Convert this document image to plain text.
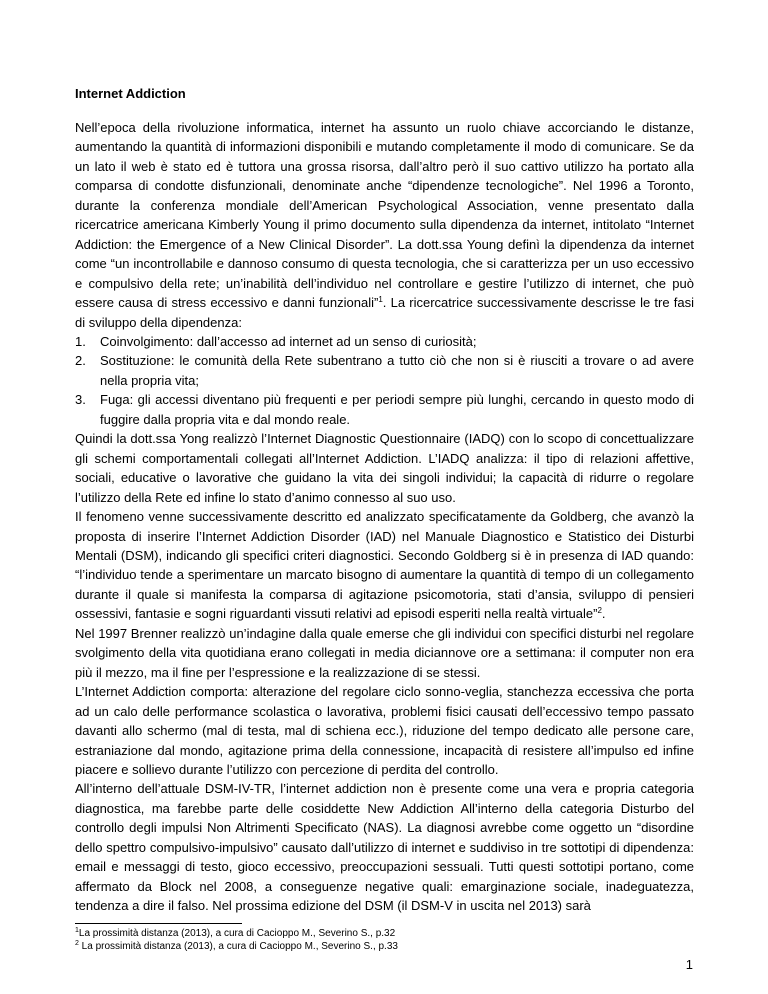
Internet Addiction

Nell’epoca della rivoluzione informatica, internet ha assunto un ruolo chiave accorciando le distanze, aumentando la quantità di informazioni disponibili e mutando completamente il modo di comunicare. Se da un lato il web è stato ed è tuttora una grossa risorsa, dall’altro però il suo cattivo utilizzo ha portato alla comparsa di condotte disfunzionali, denominate anche “dipendenze tecnologiche”. Nel 1996 a Toronto, durante la conferenza mondiale dell’American Psychological Association, venne presentato dalla ricercatrice americana Kimberly Young il primo documento sulla dipendenza da internet, intitolato “Internet Addiction: the Emergence of a New Clinical Disorder”. La dott.ssa Young definì la dipendenza da internet come “un incontrollabile e dannoso consumo di questa tecnologia, che si caratterizza per un uso eccessivo e compulsivo della rete; un’inabilità dell’individuo nel controllare e gestire l’utilizzo di internet, che può essere causa di stress eccessivo e danni funzionali”$^1$. La ricercatrice successivamente descrisse le tre fasi di sviluppo della dipendenza:

1. Coinvolgimento: dall’accesso ad internet ad un senso di curiosità;
2. Sostituzione: le comunità della Rete subentrano a tutto ciò che non si è riusciti a trovare o ad avere nella propria vita;
3. Fuga: gli accessi diventano più frequenti e per periodi sempre più lunghi, cercando in questo modo di fuggire dalla propria vita e dal mondo reale.

Quindi la dott.ssa Yong realizzò l’Internet Diagnostic Questionnaire (IADQ) con lo scopo di concettualizzare gli schemi comportamentali collegati all’Internet Addiction. L’IADQ analizza: il tipo di relazioni affettive, sociali, educative o lavorative che guidano la vita dei singoli individui; la capacità di ridurre o regolare l’utilizzo della Rete ed infine lo stato d’animo connesso al suo uso.

Il fenomeno venne successivamente descritto ed analizzato specificatamente da Goldberg, che avanzò la proposta di inserire l’Internet Addiction Disorder (IAD) nel Manuale Diagnostico e Statistico dei Disturbi Mentali (DSM), indicando gli specifici criteri diagnostici. Secondo Goldberg si è in presenza di IAD quando: “l’individuo tende a sperimentare un marcato bisogno di aumentare la quantità di tempo di un collegamento durante il quale si manifesta la comparsa di agitazione psicomotoria, stati d’ansia, sviluppo di pensieri ossessivi, fantasie e sogni riguardanti vissuti relativi ad episodi esperiti nella realtà virtuale”$^2$.

Nel 1997 Brenner realizzò un’indagine dalla quale emerse che gli individui con specifici disturbi nel regolare svolgimento della vita quotidiana erano collegati in media diciannove ore a settimana: il computer non era più il mezzo, ma il fine per l’espressione e la realizzazione di se stessi.

L’Internet Addiction comporta: alterazione del regolare ciclo sonno-veglia, stanchezza eccessiva che porta ad un calo delle performance scolastica o lavorativa, problemi fisici causati dell’eccessivo tempo passato davanti allo schermo (mal di testa, mal di schiena ecc.), riduzione del tempo dedicato alle persone care, estraniazione dal mondo, agitazione prima della connessione, incapacità di resistere all’impulso ed infine piacere e sollievo durante l’utilizzo con percezione di perdita del controllo.

All’interno dell’attuale DSM-IV-TR, l’internet addiction non è presente come una vera e propria categoria diagnostica, ma farebbe parte delle cosiddette New Addiction All’interno della categoria Disturbo del controllo degli impulsi Non Altrimenti Specificato (NAS). La diagnosi avrebbe come oggetto un “disordine dello spettro compulsivo-impulsivo” causato dall’utilizzo di internet e suddiviso in tre sottotipi di dipendenza: email e messaggi di testo, gioco eccessivo, preoccupazioni sessuali. Tutti questi sottotipi portano, come affermato da Block nel 2008, a conseguenze negative quali: emarginazione sociale, inadeguatezza, tendenza a dire il falso. Nel prossima edizione del DSM (il DSM-V in uscita nel 2013) sarà

$^1$La prossimità distanza (2013), a cura di Cacioppo M., Severino S., p.32
$^2$ La prossimità distanza (2013), a cura di Cacioppo M., Severino S., p.33
1
